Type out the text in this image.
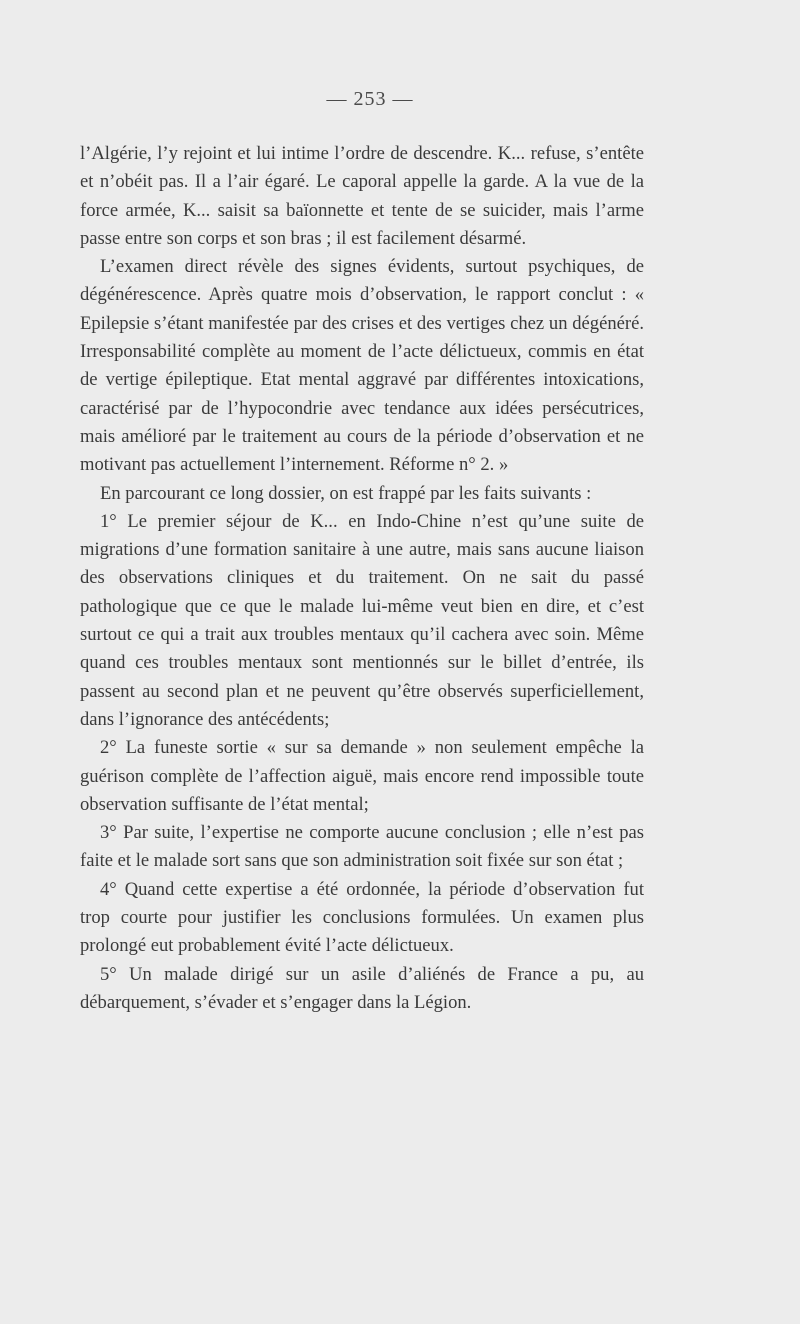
— 253 —

l’Algérie, l’y rejoint et lui intime l’ordre de descendre. K... refuse, s’entête et n’obéit pas. Il a l’air égaré. Le caporal appelle la garde. A la vue de la force armée, K... saisit sa baïonnette et tente de se suicider, mais l’arme passe entre son corps et son bras ; il est facilement désarmé.

L’examen direct révèle des signes évidents, surtout psychiques, de dégénérescence. Après quatre mois d’observation, le rapport conclut : « Epilepsie s’étant manifestée par des crises et des vertiges chez un dégénéré. Irresponsabilité complète au moment de l’acte délictueux, commis en état de vertige épileptique. Etat mental aggravé par différentes intoxications, caractérisé par de l’hypocondrie avec tendance aux idées persécutrices, mais amélioré par le traitement au cours de la période d’observation et ne motivant pas actuellement l’internement. Réforme n° 2. »

En parcourant ce long dossier, on est frappé par les faits suivants :

1° Le premier séjour de K... en Indo-Chine n’est qu’une suite de migrations d’une formation sanitaire à une autre, mais sans aucune liaison des observations cliniques et du traitement. On ne sait du passé pathologique que ce que le malade lui-même veut bien en dire, et c’est surtout ce qui a trait aux troubles mentaux qu’il cachera avec soin. Même quand ces troubles mentaux sont mentionnés sur le billet d’entrée, ils passent au second plan et ne peuvent qu’être observés superficiellement, dans l’ignorance des antécédents;

2° La funeste sortie « sur sa demande » non seulement empêche la guérison complète de l’affection aiguë, mais encore rend impossible toute observation suffisante de l’état mental;

3° Par suite, l’expertise ne comporte aucune conclusion ; elle n’est pas faite et le malade sort sans que son administration soit fixée sur son état ;

4° Quand cette expertise a été ordonnée, la période d’observation fut trop courte pour justifier les conclusions formulées. Un examen plus prolongé eut probablement évité l’acte délictueux.

5° Un malade dirigé sur un asile d’aliénés de France a pu, au débarquement, s’évader et s’engager dans la Légion.
